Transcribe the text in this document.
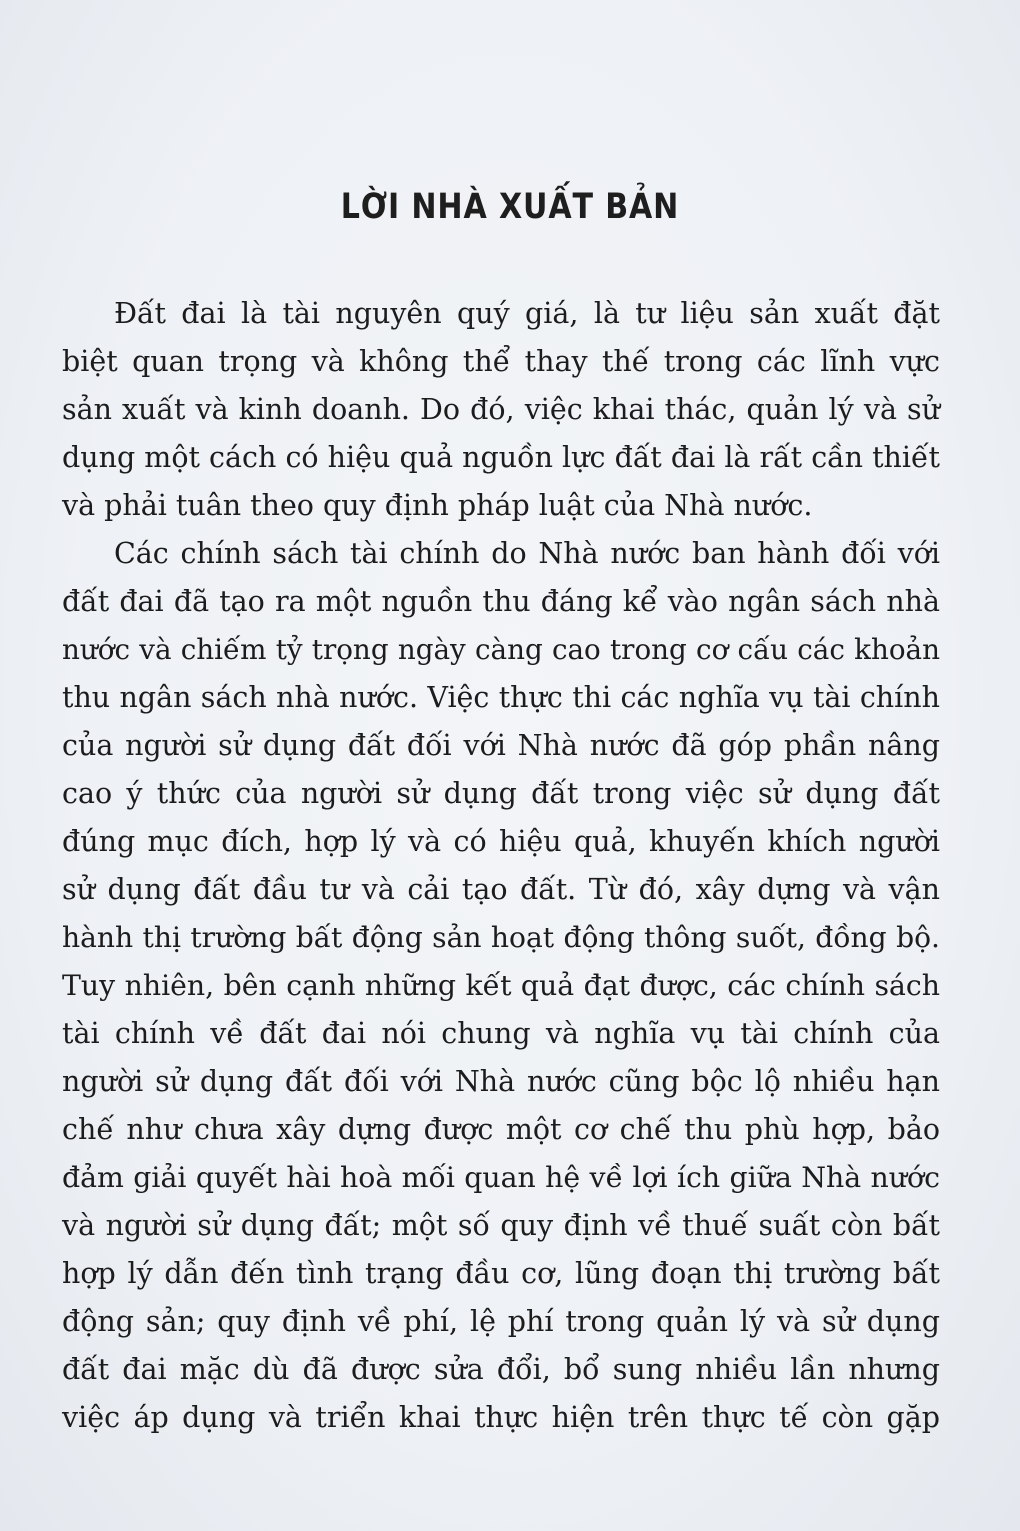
LỜI NHÀ XUẤT BẢN
Đất đai là tài nguyên quý giá, là tư liệu sản xuất đặt
biệt quan trọng và không thể thay thế trong các lĩnh vực
sản xuất và kinh doanh. Do đó, việc khai thác, quản lý và sử
dụng một cách có hiệu quả nguồn lực đất đai là rất cần thiết
và phải tuân theo quy định pháp luật của Nhà nước.
Các chính sách tài chính do Nhà nước ban hành đối với
đất đai đã tạo ra một nguồn thu đáng kể vào ngân sách nhà
nước và chiếm tỷ trọng ngày càng cao trong cơ cấu các khoản
thu ngân sách nhà nước. Việc thực thi các nghĩa vụ tài chính
của người sử dụng đất đối với Nhà nước đã góp phần nâng
cao ý thức của người sử dụng đất trong việc sử dụng đất
đúng mục đích, hợp lý và có hiệu quả, khuyến khích người
sử dụng đất đầu tư và cải tạo đất. Từ đó, xây dựng và vận
hành thị trường bất động sản hoạt động thông suốt, đồng bộ.
Tuy nhiên, bên cạnh những kết quả đạt được, các chính sách
tài chính về đất đai nói chung và nghĩa vụ tài chính của
người sử dụng đất đối với Nhà nước cũng bộc lộ nhiều hạn
chế như chưa xây dựng được một cơ chế thu phù hợp, bảo
đảm giải quyết hài hoà mối quan hệ về lợi ích giữa Nhà nước
và người sử dụng đất; một số quy định về thuế suất còn bất
hợp lý dẫn đến tình trạng đầu cơ, lũng đoạn thị trường bất
động sản; quy định về phí, lệ phí trong quản lý và sử dụng
đất đai mặc dù đã được sửa đổi, bổ sung nhiều lần nhưng
việc áp dụng và triển khai thực hiện trên thực tế còn gặp
